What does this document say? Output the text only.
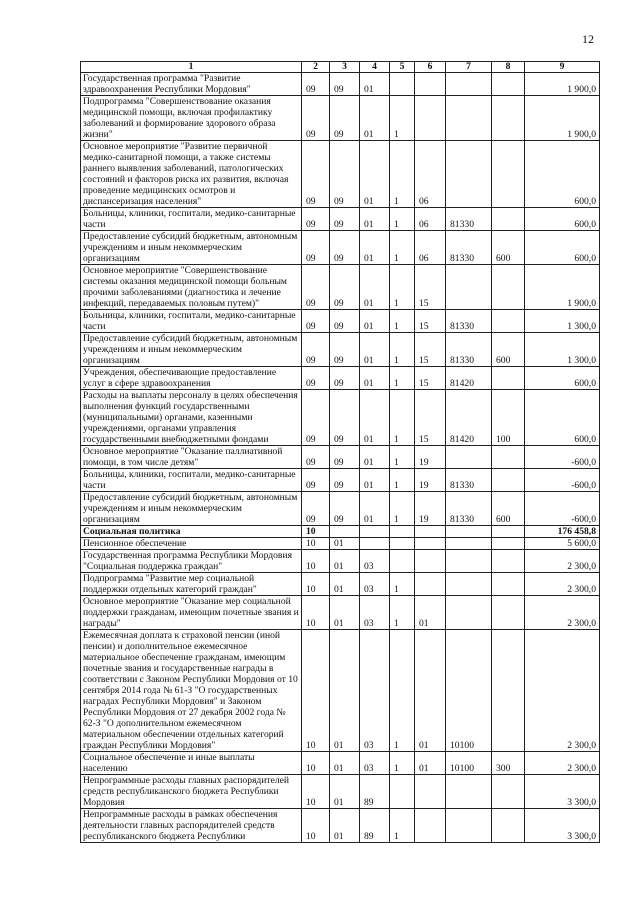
12
1	2	3	4	5	6	7	8	9
Государственная программа "Развитие здравоохранения Республики Мордовия"	09	09	01					1 900,0
Подпрограмма "Совершенствование оказания медицинской помощи, включая профилактику заболеваний и формирование здорового образа жизни"	09	09	01	1				1 900,0
Основное мероприятие "Развитие первичной медико-санитарной помощи, а также системы раннего выявления заболеваний, патологических состояний и факторов риска их развития, включая проведение медицинских осмотров и диспансеризация населения"	09	09	01	1	06			600,0
Больницы, клиники, госпитали, медико-санитарные части	09	09	01	1	06	81330		600,0
Предоставление субсидий бюджетным, автономным учреждениям и иным некоммерческим организациям	09	09	01	1	06	81330	600	600,0
Основное мероприятие "Совершенствование системы оказания медицинской помощи больным прочими заболеваниями (диагностика и лечение инфекций, передаваемых половым путем)"	09	09	01	1	15			1 900,0
Больницы, клиники, госпитали, медико-санитарные части	09	09	01	1	15	81330		1 300,0
Предоставление субсидий бюджетным, автономным учреждениям и иным некоммерческим организациям	09	09	01	1	15	81330	600	1 300,0
Учреждения, обеспечивающие предоставление услуг в сфере здравоохранения	09	09	01	1	15	81420		600,0
Расходы на выплаты персоналу в целях обеспечения выполнения функций государственными (муниципальными) органами, казенными учреждениями, органами управления государственными внебюджетными фондами	09	09	01	1	15	81420	100	600,0
Основное мероприятие "Оказание паллиативной помощи, в том числе детям"	09	09	01	1	19			-600,0
Больницы, клиники, госпитали, медико-санитарные части	09	09	01	1	19	81330		-600,0
Предоставление субсидий бюджетным, автономным учреждениям и иным некоммерческим организациям	09	09	01	1	19	81330	600	-600,0
Социальная политика	10							176 458,8
Пенсионное обеспечение	10	01						5 600,0
Государственная программа Республики Мордовия "Социальная поддержка граждан"	10	01	03					2 300,0
Подпрограмма "Развитие мер социальной поддержки отдельных категорий граждан"	10	01	03	1				2 300,0
Основное мероприятие "Оказание мер социальной поддержки гражданам, имеющим почетные звания и награды"	10	01	03	1	01			2 300,0
Ежемесячная доплата к страховой пенсии (иной пенсии) и дополнительное ежемесячное материальное обеспечение гражданам, имеющим почетные звания и государственные награды в соответствии с Законом Республики Мордовия от 10 сентября 2014 года № 61-З "О государственных наградах Республики Мордовия" и Законом Республики Мордовия от 27 декабря 2002 года № 62-З "О дополнительном ежемесячном материальном обеспечении отдельных категорий граждан Республики Мордовия"	10	01	03	1	01	10100		2 300,0
Социальное обеспечение и иные выплаты населению	10	01	03	1	01	10100	300	2 300,0
Непрограммные расходы главных распорядителей средств республиканского бюджета Республики Мордовия	10	01	89					3 300,0
Непрограммные расходы в рамках обеспечения деятельности главных распорядителей средств республиканского бюджета Республики	10	01	89	1				3 300,0
